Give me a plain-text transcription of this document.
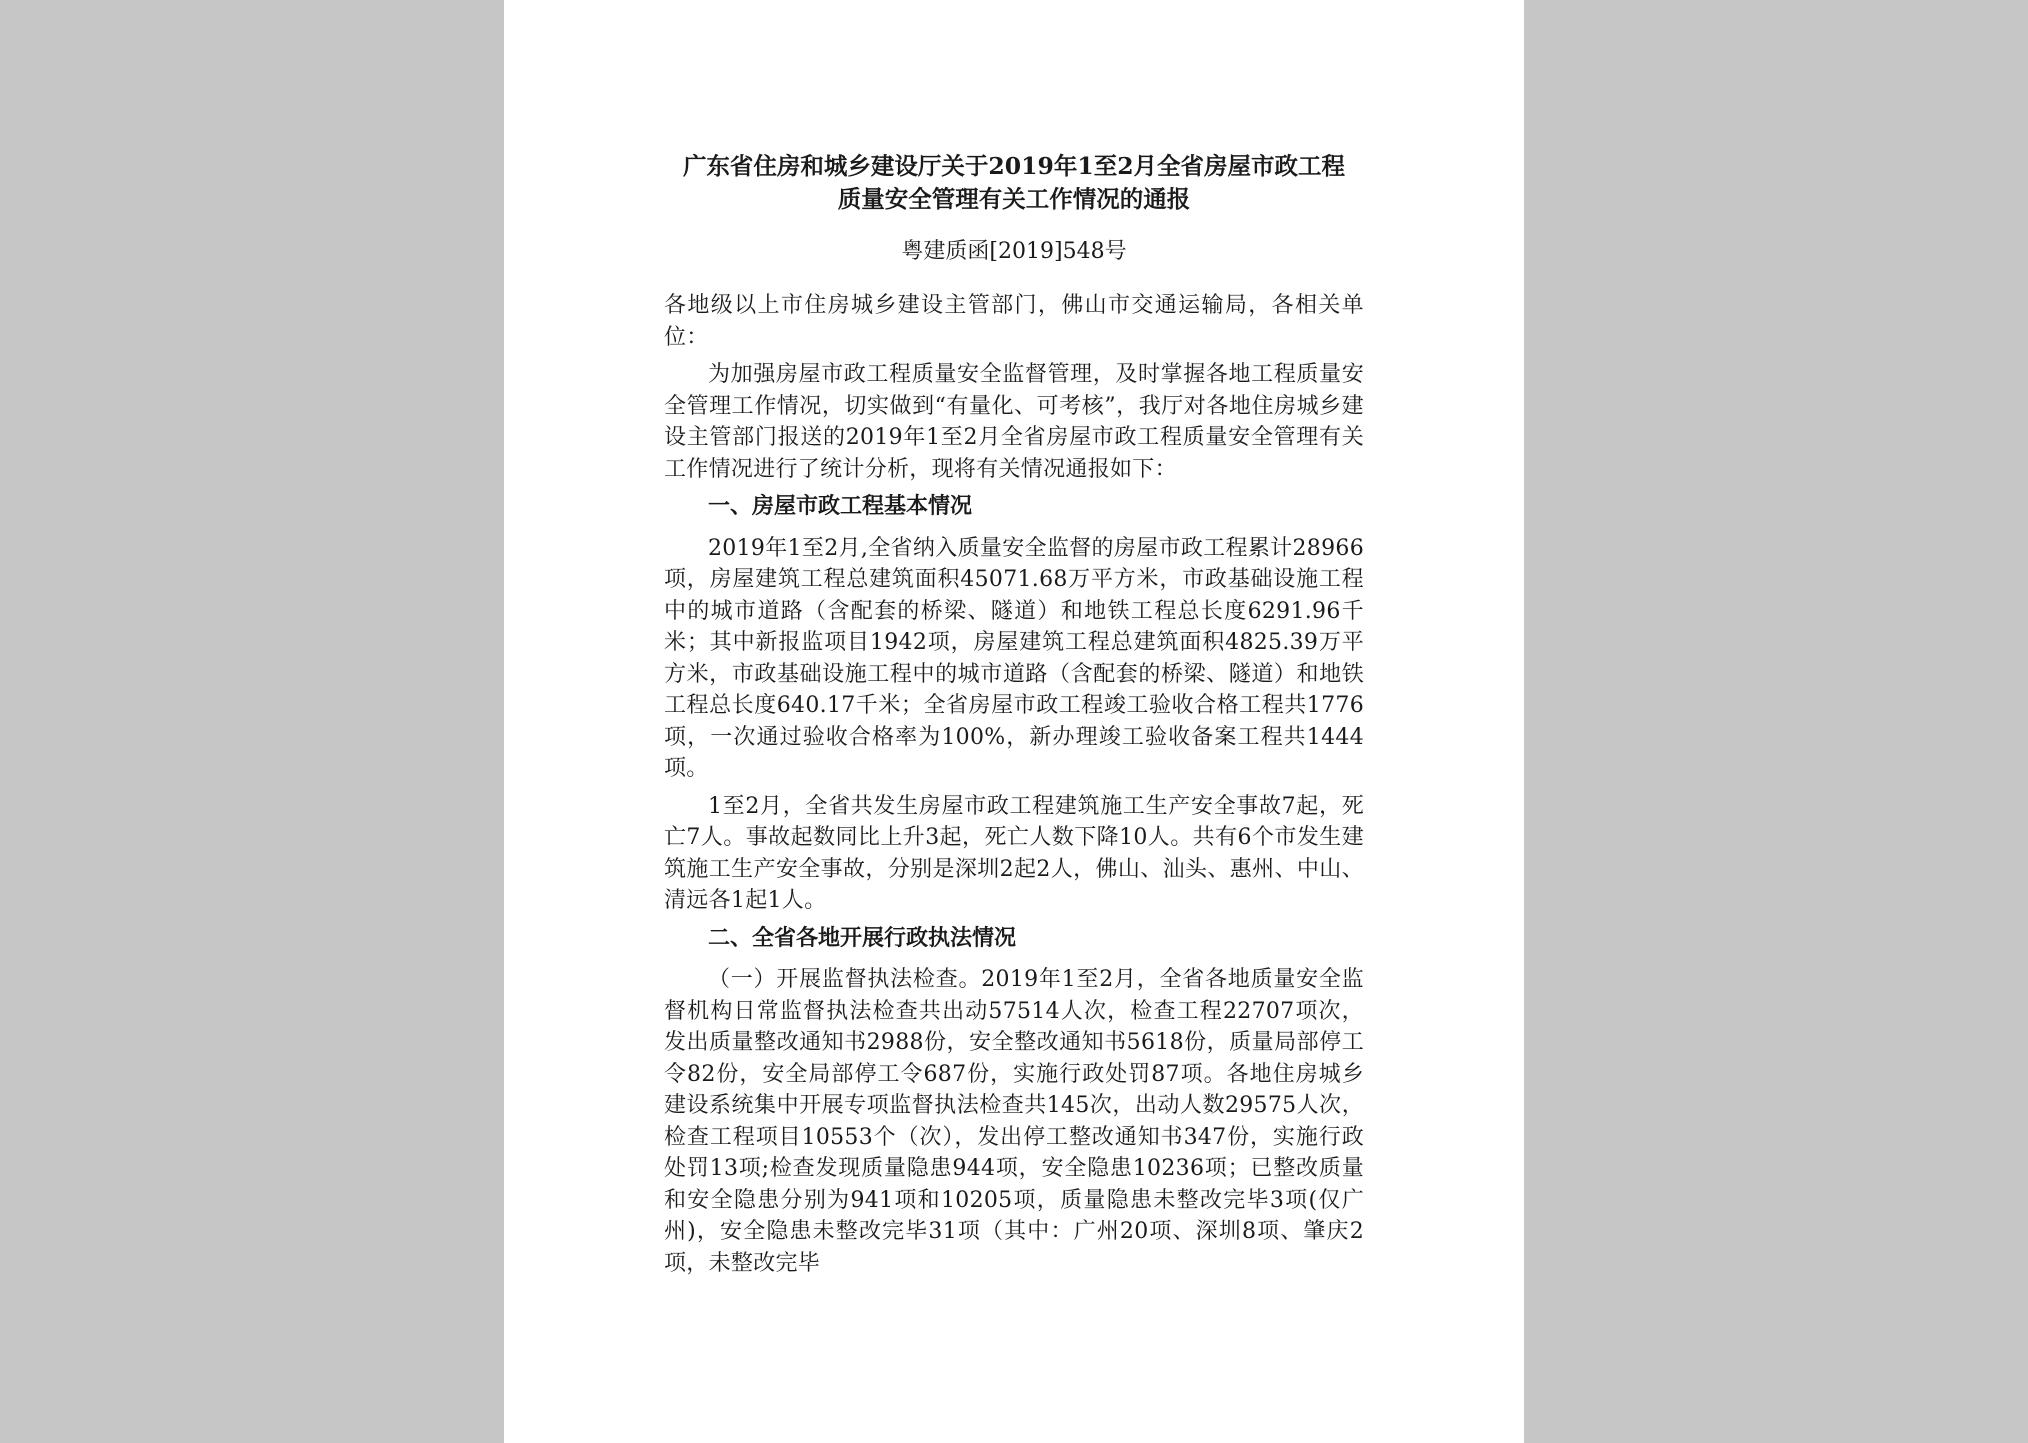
广东省住房和城乡建设厅关于2019年1至2月全省房屋市政工程

质量安全管理有关工作情况的通报

粤建质函[2019]548号

各地级以上市住房城乡建设主管部门，佛山市交通运输局，各相关单位：

为加强房屋市政工程质量安全监督管理，及时掌握各地工程质量安全管理工作情况，切实做到“有量化、可考核”，我厅对各地住房城乡建设主管部门报送的2019年1至2月全省房屋市政工程质量安全管理有关工作情况进行了统计分析，现将有关情况通报如下：

一、房屋市政工程基本情况

2019年1至2月,全省纳入质量安全监督的房屋市政工程累计28966项，房屋建筑工程总建筑面积45071.68万平方米，市政基础设施工程中的城市道路（含配套的桥梁、隧道）和地铁工程总长度6291.96千米；其中新报监项目1942项，房屋建筑工程总建筑面积4825.39万平方米，市政基础设施工程中的城市道路（含配套的桥梁、隧道）和地铁工程总长度640.17千米；全省房屋市政工程竣工验收合格工程共1776项，一次通过验收合格率为100%，新办理竣工验收备案工程共1444项。

1至2月，全省共发生房屋市政工程建筑施工生产安全事故7起，死亡7人。事故起数同比上升3起，死亡人数下降10人。共有6个市发生建筑施工生产安全事故，分别是深圳2起2人，佛山、汕头、惠州、中山、清远各1起1人。

二、全省各地开展行政执法情况

（一）开展监督执法检查。2019年1至2月，全省各地质量安全监督机构日常监督执法检查共出动57514人次，检查工程22707项次，发出质量整改通知书2988份，安全整改通知书5618份，质量局部停工令82份，安全局部停工令687份，实施行政处罚87项。各地住房城乡建设系统集中开展专项监督执法检查共145次，出动人数29575人次，检查工程项目10553个（次），发出停工整改通知书347份，实施行政处罚13项;检查发现质量隐患944项，安全隐患10236项；已整改质量和安全隐患分别为941项和10205项，质量隐患未整改完毕3项(仅广州)，安全隐患未整改完毕31项（其中：广州20项、深圳8项、肇庆2项，未整改完毕
